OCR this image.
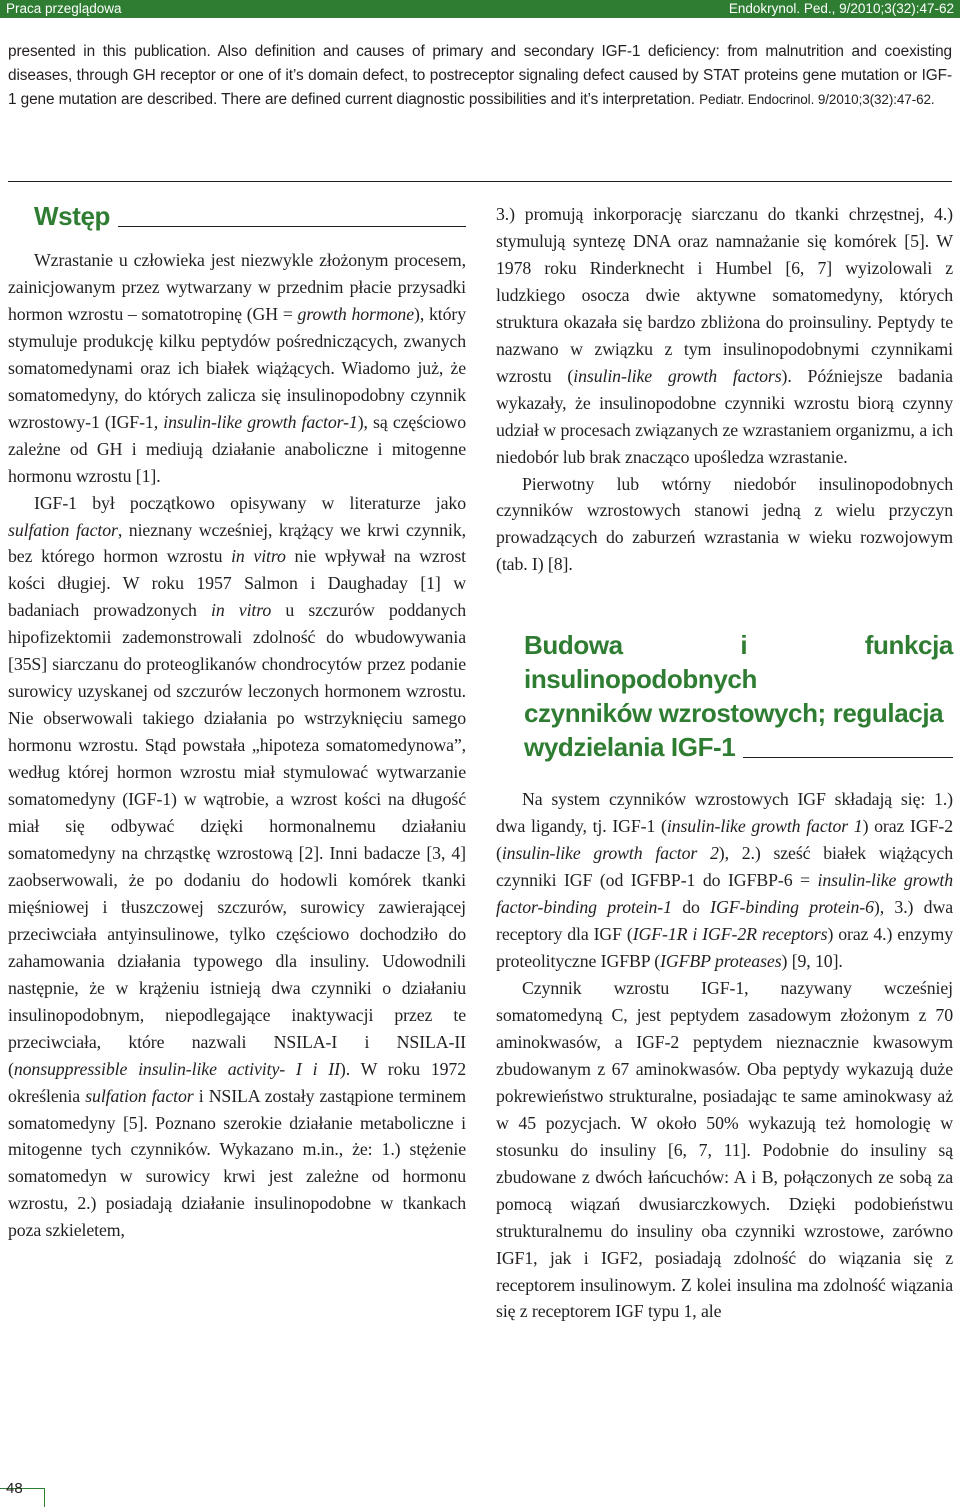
Praca przeglądowa	Endokrynol. Ped., 9/2010;3(32):47-62
presented in this publication. Also definition and causes of primary and secondary IGF-1 deficiency: from malnutrition and coexisting diseases, through GH receptor or one of it’s domain defect, to postreceptor signaling defect caused by STAT proteins gene mutation or IGF-1 gene mutation are described. There are defined current diagnostic possibilities and it’s interpretation. Pediatr. Endocrinol. 9/2010;3(32):47-62.
Wstęp

Wzrastanie u człowieka jest niezwykle złożonym procesem, zainicjowanym przez wytwarzany w przednim płacie przysadki hormon wzrostu – somatotropinę (GH = growth hormone), który stymuluje produkcję kilku peptydów pośredniczących, zwanych somatomedynami oraz ich białek wiążących. Wiadomo już, że somatomedyny, do których zalicza się insulinopodobny czynnik wzrostowy-1 (IGF-1, insulin-like growth factor-1), są częściowo zależne od GH i mediują działanie anaboliczne i mitogenne hormonu wzrostu [1].

IGF-1 był początkowo opisywany w literaturze jako sulfation factor, nieznany wcześniej, krążący we krwi czynnik, bez którego hormon wzrostu in vitro nie wpływał na wzrost kości długiej. W roku 1957 Salmon i Daughaday [1] w badaniach prowadzonych in vitro u szczurów poddanych hipofizektomii zademonstrowali zdolność do wbudowywania [35S] siarczanu do proteoglikanów chondrocytów przez podanie surowicy uzyskanej od szczurów leczonych hormonem wzrostu. Nie obserwowali takiego działania po wstrzyknięciu samego hormonu wzrostu. Stąd powstała „hipoteza somatomedynowa”, według której hormon wzrostu miał stymulować wytwarzanie somatomedyny (IGF-1) w wątrobie, a wzrost kości na długość miał się odbywać dzięki hormonalnemu działaniu somatomedyny na chrząstkę wzrostową [2]. Inni badacze [3, 4] zaobserwowali, że po dodaniu do hodowli komórek tkanki mięśniowej i tłuszczowej szczurów, surowicy zawierającej przeciwciała antyinsulinowe, tylko częściowo dochodziło do zahamowania działania typowego dla insuliny. Udowodnili następnie, że w krążeniu istnieją dwa czynniki o działaniu insulinopodobnym, niepodlegające inaktywacji przez te przeciwciała, które nazwali NSILA-I i NSILA-II (nonsuppressible insulin-like activity- I i II). W roku 1972 określenia sulfation factor i NSILA zostały zastąpione terminem somatomedyny [5]. Poznano szerokie działanie metaboliczne i mitogenne tych czynników. Wykazano m.in., że: 1.) stężenie somatomedyn w surowicy krwi jest zależne od hormonu wzrostu, 2.) posiadają działanie insulinopodobne w tkankach poza szkieletem,

3.) promują inkorporację siarczanu do tkanki chrzęstnej, 4.) stymulują syntezę DNA oraz namnażanie się komórek [5]. W 1978 roku Rinderknecht i Humbel [6, 7] wyizolowali z ludzkiego osocza dwie aktywne somatomedyny, których struktura okazała się bardzo zbliżona do proinsuliny. Peptydy te nazwano w związku z tym insulinopodobnymi czynnikami wzrostu (insulin-like growth factors). Późniejsze badania wykazały, że insulinopodobne czynniki wzrostu biorą czynny udział w procesach związanych ze wzrastaniem organizmu, a ich niedobór lub brak znacząco upośledza wzrastanie.

Pierwotny lub wtórny niedobór insulinopodobnych czynników wzrostowych stanowi jedną z wielu przyczyn prowadzących do zaburzeń wzrastania w wieku rozwojowym (tab. I) [8].

Budowa i funkcja insulinopodobnych
czynników wzrostowych; regulacja
wydzielania IGF-1

Na system czynników wzrostowych IGF składają się: 1.) dwa ligandy, tj. IGF-1 (insulin-like growth factor 1) oraz IGF-2 (insulin-like growth factor 2), 2.) sześć białek wiążących czynniki IGF (od IGFBP-1 do IGFBP-6 = insulin-like growth factor-binding protein-1 do IGF-binding protein-6), 3.) dwa receptory dla IGF (IGF-1R i IGF-2R receptors) oraz 4.) enzymy proteolityczne IGFBP (IGFBP proteases) [9, 10].

Czynnik wzrostu IGF-1, nazywany wcześniej somatomedyną C, jest peptydem zasadowym złożonym z 70 aminokwasów, a IGF-2 peptydem nieznacznie kwasowym zbudowanym z 67 aminokwasów. Oba peptydy wykazują duże pokrewieństwo strukturalne, posiadając te same aminokwasy aż w 45 pozycjach. W około 50% wykazują też homologię w stosunku do insuliny [6, 7, 11]. Podobnie do insuliny są zbudowane z dwóch łańcuchów: A i B, połączonych ze sobą za pomocą wiązań dwusiarczkowych. Dzięki podobieństwu strukturalnemu do insuliny oba czynniki wzrostowe, zarówno IGF1, jak i IGF2, posiadają zdolność do wiązania się z receptorem insulinowym. Z kolei insulina ma zdolność wiązania się z receptorem IGF typu 1, ale

48
